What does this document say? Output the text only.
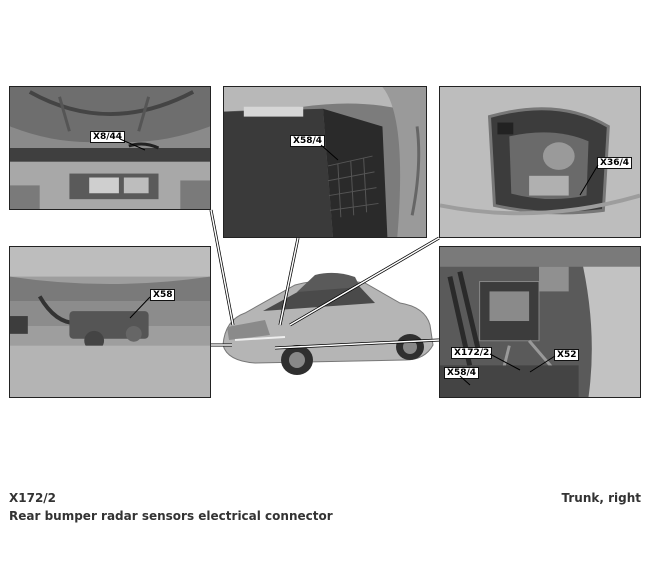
X8/44	X58/4
X36/4
X58
X172/2	X52
X58/4
X172/2
Rear bumper radar sensors electrical connector
Trunk, right
